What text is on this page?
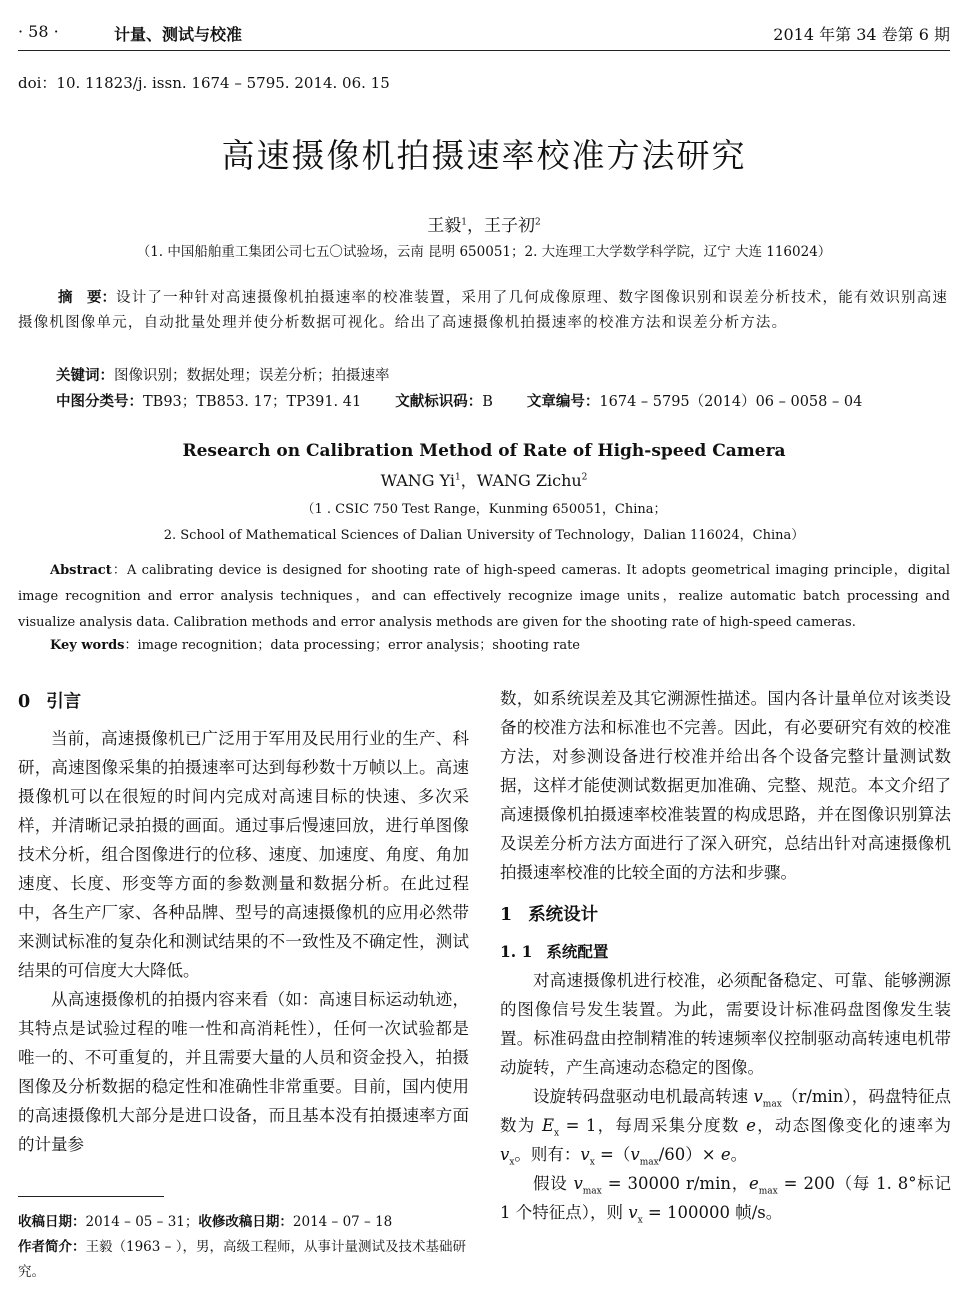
· 58 ·	计量、测试与校准	2014 年第 34 卷第 6 期
doi：10. 11823/j. issn. 1674 – 5795. 2014. 06. 15
高速摄像机拍摄速率校准方法研究
王毅$^1$，王子初$^2$
（1. 中国船舶重工集团公司七五〇试验场，云南 昆明 650051；2. 大连理工大学数学科学院，辽宁 大连 116024）
摘　要：设计了一种针对高速摄像机拍摄速率的校准装置，采用了几何成像原理、数字图像识别和误差分析技术，能有效识别高速摄像机图像单元，自动批量处理并使分析数据可视化。给出了高速摄像机拍摄速率的校准方法和误差分析方法。
关键词：图像识别；数据处理；误差分析；拍摄速率
中图分类号：TB93；TB853. 17；TP391. 41 文献标识码：B 文章编号：1674 – 5795（2014）06 – 0058 – 04
Research on Calibration Method of Rate of High-speed Camera
WANG Yi$^1$，WANG Zichu$^2$
（1 . CSIC 750 Test Range，Kunming 650051，China；
2. School of Mathematical Sciences of Dalian University of Technology，Dalian 116024，China）
Abstract：A calibrating device is designed for shooting rate of high-speed cameras. It adopts geometrical imaging principle，digital image recognition and error analysis techniques，and can effectively recognize image units，realize automatic batch processing and visualize analysis data. Calibration methods and error analysis methods are given for the shooting rate of high-speed cameras.
Key words：image recognition；data processing；error analysis；shooting rate
0 引言

当前，高速摄像机已广泛用于军用及民用行业的生产、科研，高速图像采集的拍摄速率可达到每秒数十万帧以上。高速摄像机可以在很短的时间内完成对高速目标的快速、多次采样，并清晰记录拍摄的画面。通过事后慢速回放，进行单图像技术分析，组合图像进行的位移、速度、加速度、角度、角加速度、长度、形变等方面的参数测量和数据分析。在此过程中，各生产厂家、各种品牌、型号的高速摄像机的应用必然带来测试标准的复杂化和测试结果的不一致性及不确定性，测试结果的可信度大大降低。

从高速摄像机的拍摄内容来看（如：高速目标运动轨迹，其特点是试验过程的唯一性和高消耗性），任何一次试验都是唯一的、不可重复的，并且需要大量的人员和资金投入，拍摄图像及分析数据的稳定性和准确性非常重要。目前，国内使用的高速摄像机大部分是进口设备，而且基本没有拍摄速率方面的计量参

数，如系统误差及其它溯源性描述。国内各计量单位对该类设备的校准方法和标准也不完善。因此，有必要研究有效的校准方法，对参测设备进行校准并给出各个设备完整计量测试数据，这样才能使测试数据更加准确、完整、规范。本文介绍了高速摄像机拍摄速率校准装置的构成思路，并在图像识别算法及误差分析方法方面进行了深入研究，总结出针对高速摄像机拍摄速率校准的比较全面的方法和步骤。

1 系统设计
1. 1 系统配置

对高速摄像机进行校准，必须配备稳定、可靠、能够溯源的图像信号发生装置。为此，需要设计标准码盘图像发生装置。标准码盘由控制精准的转速频率仪控制驱动高转速电机带动旋转，产生高速动态稳定的图像。

设旋转码盘驱动电机最高转速 $v_{max}(r/\min)$，码盘特征点数为 $E_x = 1$，每周采集分度数 e，动态图像变化的速率为 $v_x$。则有：$v_x =(v_{max}/60)\times e$。

假设 $v_{max} = 30000$ r/min，$e_{max} = 200$（每 1. 8°标记 1 个特征点），则 $v_x = 100000$ 帧/s。

收稿日期：2014 – 05 – 31；收修改稿日期：2014 – 07 – 18
作者简介：王毅（1963 – ），男，高级工程师，从事计量测试及技术基础研究。
